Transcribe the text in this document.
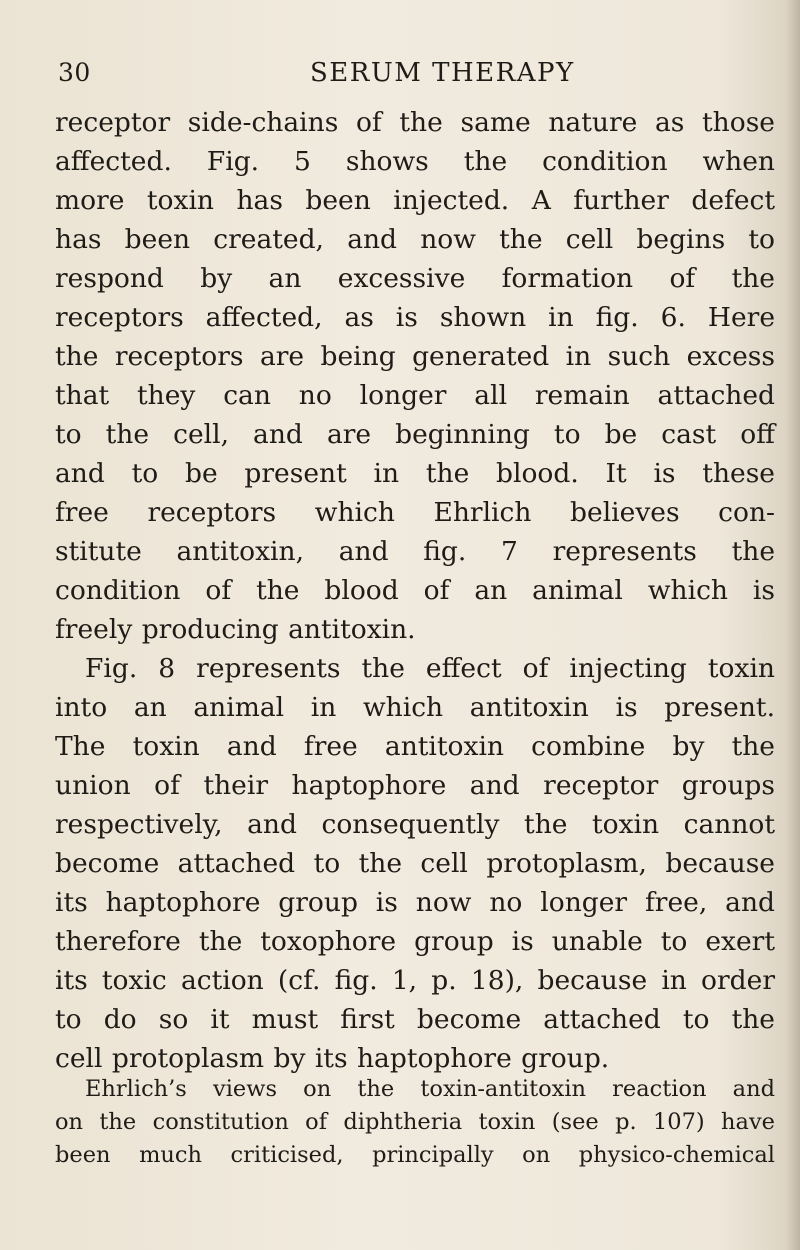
30	SERUM THERAPY
receptor side-chains of the same nature as those
affected. Fig. 5 shows the condition when
more toxin has been injected. A further defect
has been created, and now the cell begins to
respond by an excessive formation of the
receptors affected, as is shown in fig. 6. Here
the receptors are being generated in such excess
that they can no longer all remain attached
to the cell, and are beginning to be cast off
and to be present in the blood. It is these
free receptors which Ehrlich believes con-
stitute antitoxin, and fig. 7 represents the
condition of the blood of an animal which is
freely producing antitoxin.
Fig. 8 represents the effect of injecting toxin
into an animal in which antitoxin is present.
The toxin and free antitoxin combine by the
union of their haptophore and receptor groups
respectively, and consequently the toxin cannot
become attached to the cell protoplasm, because
its haptophore group is now no longer free, and
therefore the toxophore group is unable to exert
its toxic action (cf. fig. 1, p. 18), because in order
to do so it must first become attached to the
cell protoplasm by its haptophore group.
Ehrlich’s views on the toxin-antitoxin reaction and
on the constitution of diphtheria toxin (see p. 107) have
been much criticised, principally on physico-chemical
